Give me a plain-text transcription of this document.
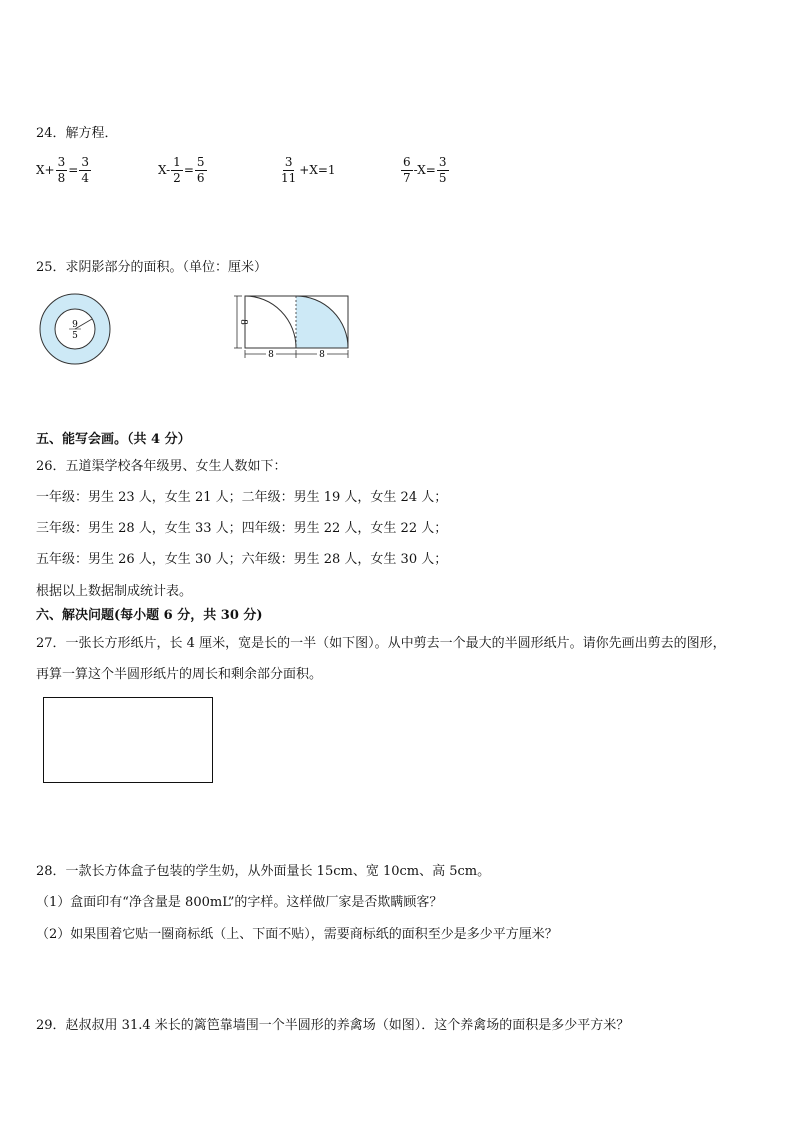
24．解方程．
$X+ \frac{3}{8} = \frac{3}{4}$	$X- \frac{1}{2} = \frac{5}{6}$	$\frac{3}{11} +X=1$	$\frac{6}{7} -X= \frac{3}{5}$
25．求阴影部分的面积。（单位：厘米）
9
5
8
8	8
五、能写会画。（共 4 分）
26．五道渠学校各年级男、女生人数如下：
一年级：男生 23 人，女生 21 人；二年级：男生 19 人，女生 24 人；
三年级：男生 28 人，女生 33 人；四年级：男生 22 人，女生 22 人；
五年级：男生 26 人，女生 30 人；六年级：男生 28 人，女生 30 人；
根据以上数据制成统计表。
六、解决问题(每小题 6 分，共 30 分)
27．一张长方形纸片，长 4 厘米，宽是长的一半（如下图）。从中剪去一个最大的半圆形纸片。请你先画出剪去的图形，
再算一算这个半圆形纸片的周长和剩余部分面积。
28．一款长方体盒子包装的学生奶，从外面量长 15cm、宽 10cm、高 5cm。
（1）盒面印有“净含量是 800mL”的字样。这样做厂家是否欺瞒顾客？
（2）如果围着它贴一圈商标纸（上、下面不贴），需要商标纸的面积至少是多少平方厘米？
29．赵叔叔用 31.4 米长的篱笆靠墙围一个半圆形的养禽场（如图）．这个养禽场的面积是多少平方米？
